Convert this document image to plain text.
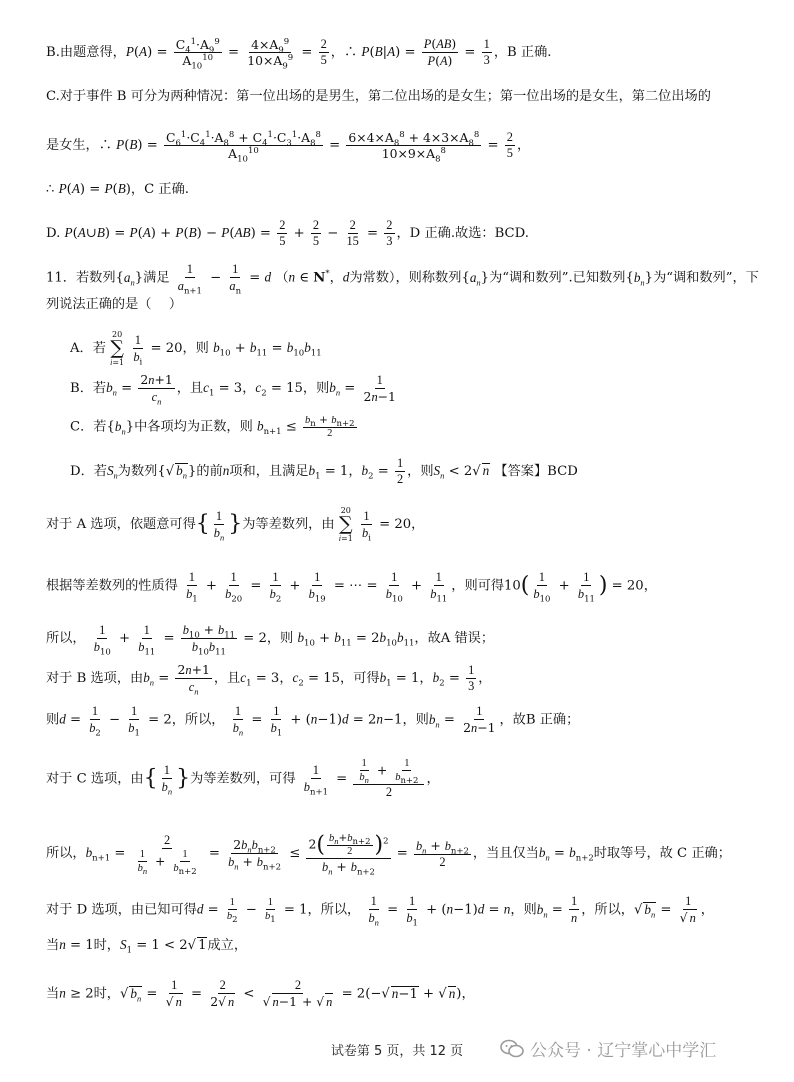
B.由题意得，$P(A) = \frac{C_4^1\cdot A_9^9}{A_{10}^{10}} = \frac{4\times A_9^9}{10\times A_9^9} = \frac{2}{5}$ ，∴ $P(B|A) = \frac{P(AB)}{P(A)} = \frac{1}{3}$ ，B 正确.
C.对于事件 B 可分为两种情况：第一位出场的是男生，第二位出场的是女生；第一位出场的是女生，第二位出场的
是女生，∴ $P(B) = \frac{C_6^1\cdot C_4^1\cdot A_8^8 + C_4^1\cdot C_3^1\cdot A_8^8}{A_{10}^{10}} = \frac{6\times 4\times A_8^8 + 4\times 3\times A_8^8}{10\times 9\times A_8^8} = \frac{2}{5}$ ，
∴ P(A) = P(B)，C 正确.
D. P(A∪B) = $P(A) + P(B) - P(AB) = \frac{2}{5} + \frac{2}{5} - \frac{2}{15} = \frac{2}{3}$ ，D 正确.故选：BCD.
11．若数列$\{a_n\}$满足 $\frac{1}{a_{n+1}} - \frac{1}{a_n} = d$ （n ∈ N*，d为常数），则称数列$\{a_n\}$为“调和数列”.已知数列$\{b_n\}$为“调和数列”，下
列说法正确的是（　 ）
A．若
20
∑
i=1
$\frac{1}{b_i} = 20$，则 $b_{10} + b_{11} = b_{10}b_{11}$
B．若$b_n = \frac{2n+1}{c_n}$ ，且$c_1 = 3$，$c_2 = 15$，则$b_n = \frac{1}{2n-1}$
C．若$\{b_n\}$中各项均为正数，则 $b_{n+1} \le \frac{b_n + b_{n+2}}{2}$
D．若$S_n$为数列{√ $b_n$}的前n项和，且满足$b_1 = 1$，$b_2 = \frac{1}{2}$ ，则$S_n < 2√$ n 【答案】BCD
对于 A 选项，依题意可得{ $\frac{1}{b_n}$ }为等差数列，由
20
∑
i=1
$\frac{1}{b_i} = 20$，
根据等差数列的性质得 $\frac{1}{b_1} + \frac{1}{b_{20}} = \frac{1}{b_2} + \frac{1}{b_{19}}$ = ⋯ = $\frac{1}{b_{10}} + \frac{1}{b_{11}}$ ，则可得$10( \frac{1}{b_{10}} + \frac{1}{b_{11}}$ ) = 20，
所以， $\frac{1}{b_{10}} + \frac{1}{b_{11}} = \frac{b_{10} + b_{11}}{b_{10}b_{11}} = 2$，则 $b_{10} + b_{11} = 2b_{10}b_{11}$，故A 错误；
对于 B 选项，由$b_n = \frac{2n+1}{c_n}$ ，且$c_1 = 3$，$c_2 = 15$，可得$b_1 = 1$，$b_2 = \frac{1}{3}$ ，
则$d = \frac{1}{b_2} - \frac{1}{b_1} = 2$，所以， $\frac{1}{b_n} = \frac{1}{b_1} + (n-1)d = 2n-1$，则$b_n = \frac{1}{2n-1}$ ，故B 正确；
对于 C 选项，由{ $\frac{1}{b_n}$ }为等差数列，可得 $\frac{1}{b_{n+1}} = \frac{\frac{1}{b_n} + \frac{1}{b_{n+2}}}{2}$ ，
所以，$b_{n+1} = \frac{2}{\frac{1}{b_n} + \frac{1}{b_{n+2}}}$ =
$2b_nb_{n+2}$
$b_n + b_{n+2}$
≤ $\frac{2( \frac{b_n+b_{n+2}}{2} )^2}{b_n + b_{n+2}} = \frac{b_n + b_{n+2}}{2}$ ，当且仅当$b_n = b_{n+2}$时取等号，故 C 正确；
对于 D 选项，由已知可得$d = \frac{1}{b_2} - \frac{1}{b_1} = 1$，所以， $\frac{1}{b_n} = \frac{1}{b_1} + (n-1)d = n$，则$b_n = \frac{1}{n}$ ，所以，√ $b_n = \frac{1}{√ n}$ ，
当n = 1时，$S_1 = 1 < 2√$ 1成立，
当n ≥ 2时，√ $b_n = \frac{1}{√ n} = \frac{2}{2√ n} < \frac{2}{√ n-1 + √ n} = 2(-√$ n−1 + √ n)，
试卷第 5 页，共 12 页	公众号 · 辽宁掌心中学汇
